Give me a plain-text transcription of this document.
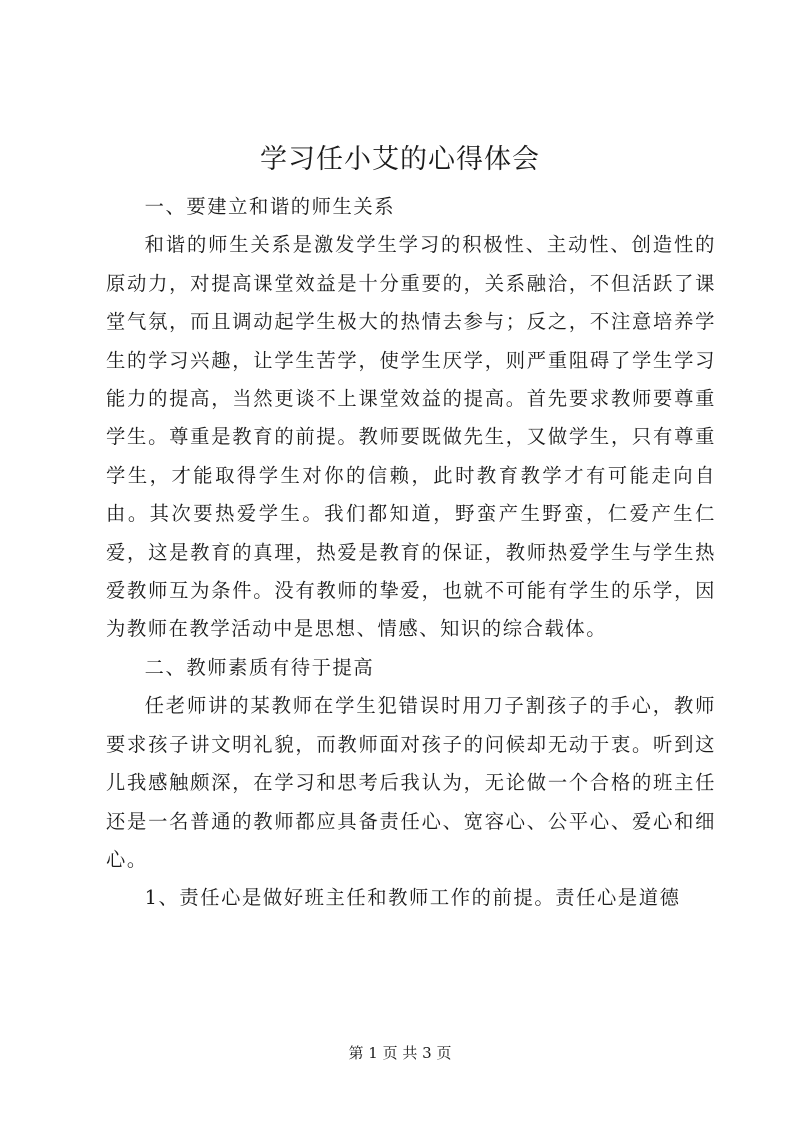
学习任小艾的心得体会

一、要建立和谐的师生关系

和谐的师生关系是激发学生学习的积极性、主动性、创造性的原动力，对提高课堂效益是十分重要的，关系融洽，不但活跃了课堂气氛，而且调动起学生极大的热情去参与；反之，不注意培养学生的学习兴趣，让学生苦学，使学生厌学，则严重阻碍了学生学习能力的提高，当然更谈不上课堂效益的提高。首先要求教师要尊重学生。尊重是教育的前提。教师要既做先生，又做学生，只有尊重学生，才能取得学生对你的信赖，此时教育教学才有可能走向自由。其次要热爱学生。我们都知道，野蛮产生野蛮，仁爱产生仁爱，这是教育的真理，热爱是教育的保证，教师热爱学生与学生热爱教师互为条件。没有教师的挚爱，也就不可能有学生的乐学，因为教师在教学活动中是思想、情感、知识的综合载体。

二、教师素质有待于提高

任老师讲的某教师在学生犯错误时用刀子割孩子的手心，教师要求孩子讲文明礼貌，而教师面对孩子的问候却无动于衷。听到这儿我感触颇深，在学习和思考后我认为，无论做一个合格的班主任还是一名普通的教师都应具备责任心、宽容心、公平心、爱心和细心。

1、责任心是做好班主任和教师工作的前提。责任心是道德

第 1 页 共 3 页
